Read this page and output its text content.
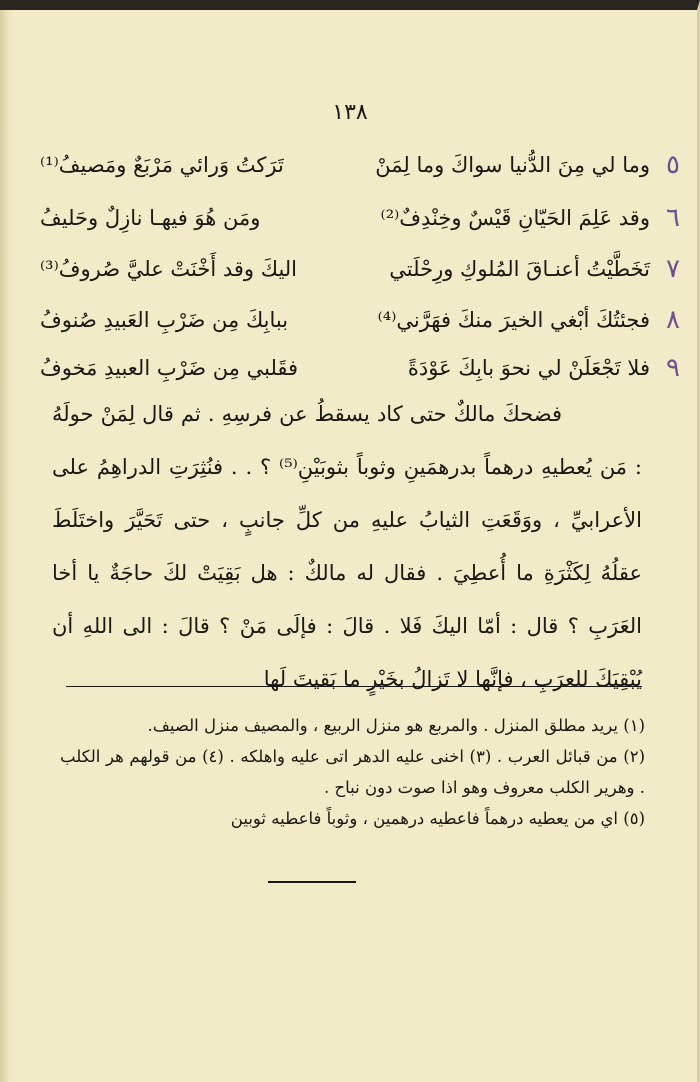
١٣٨
٥
وما لي مِنَ الدُّنيا سواكَ وما لِمَنْ
تَرَكتُ وَرائي مَرْبَعٌ ومَصيفُ⁽¹⁾
٦
وقد عَلِمَ الحَيّانِ قَيْسٌ وخِنْدِفٌ⁽²⁾
ومَن هُوَ فيهـا نازِلٌ وحَليفُ
٧
تَخَطَّيْتُ أعنـاقَ المُلوكِ ورِحْلَتي
اليكَ وقد أَخْنَتْ عليَّ صُروفُ⁽³⁾
٨
فجئتُكَ أبْغي الخيرَ منكَ فهَرَّني⁽⁴⁾
ببابِكَ مِن ضَرْبِ العَبيدِ صُنوفُ
٩
فلا تَجْعَلَنْ لي نحوَ بابِكَ عَوْدَةً
فقَلبي مِن ضَرْبِ العبيدِ مَخوفُ

فضحكَ مالكٌ حتى كاد يسقطُ عن فرسِهِ . ثم قال لِمَنْ حولَهُ : مَن يُعطيهِ درهماً بدرهمَينِ وثوباً بثوبَيْنِ⁽⁵⁾ ؟ . . فنُثِرَتِ الدراهِمُ على الأعرابيِّ ، ووَقَعَتِ الثيابُ عليهِ من كلِّ جانبٍ ، حتى تَحَيَّرَ واختَلَطَ عقلُهُ لِكَثْرَةِ ما أُعطِيَ . فقال له مالكٌ : هل بَقِيَتْ لكَ حاجَةٌ يا أخا العَرَبِ ؟ قال : أمّا اليكَ فَلا . قالَ : فإلَى مَنْ ؟ قالَ : الى اللهِ أن يُبْقِيَكَ للعرَبِ ، فإنَّها لا تَزالُ بخَيْرٍ ما بَقيتَ لَها

(١) يريد مطلق المنزل . والمربع هو منزل الربيع ، والمصيف منزل الصيف.

(٢) من قبائل العرب . (٣) اخنى عليه الدهر اتى عليه واهلكه . (٤) من قولهم هر الكلب . وهرير الكلب معروف وهو اذا صوت دون نباح .

(٥) اي من يعطيه درهماً فاعطيه درهمين ، وثوباً فاعطيه ثوبين
